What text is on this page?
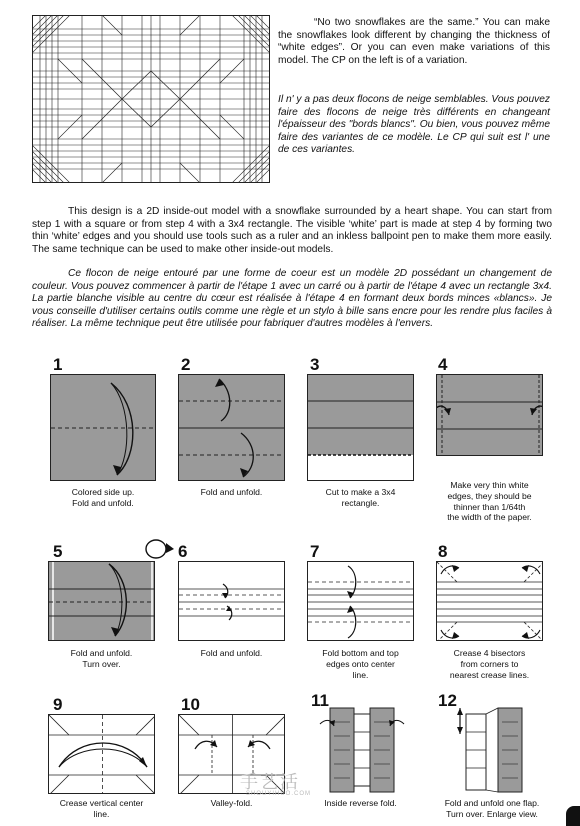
“No two snowflakes are the same.” You can make the snowflakes look different by changing the thickness of “white edges”. Or you can even make variations of this model. The CP on the left is of a variation.
Il n' y a pas deux flocons de neige semblables. Vous pouvez faire des flocons de neige très différents en changeant l'épaisseur des "bords blancs". Ou bien, vous pouvez même faire des variantes de ce modèle. Le CP qui suit est l' une de ces variantes.
This design is a 2D inside-out model with a snowflake surrounded by a heart shape. You can start from step 1 with a square or from step 4 with a 3x4 rectangle. The visible ‘white’ part is made at step 4 by forming two thin ‘white’ edges and you should use tools such as a ruler and an inkless ballpoint pen to make them more easily. The same technique can be used to make other inside-out models.
Ce flocon de neige entouré par une forme de coeur est un modèle 2D possédant un changement de couleur. Vous pouvez commencer à partir de l'étape 1 avec un carré ou à partir de l'étape 4 avec un rectangle 3x4. La partie blanche visible au centre du cœur est réalisée à l'étape 4 en formant deux bords minces «blancs». Je vous conseille d'utiliser certains outils comme une règle et un stylo à bille sans encre pour les rendre plus faciles à réaliser. La même technique peut être utilisée pour fabriquer d'autres modèles à l'envers.
1
Colored side up.
Fold and unfold.
2
Fold and unfold.
3
Cut to make a 3x4
rectangle.
4
Make very thin white
edges, they should be
thinner than 1/64th
the width of the paper.
5
Fold and unfold.
Turn over.
6
Fold and unfold.
7
Fold bottom and top
edges onto center
line.
8
Crease 4 bisectors
from corners to
nearest crease lines.
9
Crease vertical center
line.
10
Valley-fold.
11
Inside reverse fold.
12
Fold and unfold one flap.
Turn over. Enlarge view.
手艺活
SHOUYIHUO.COM
